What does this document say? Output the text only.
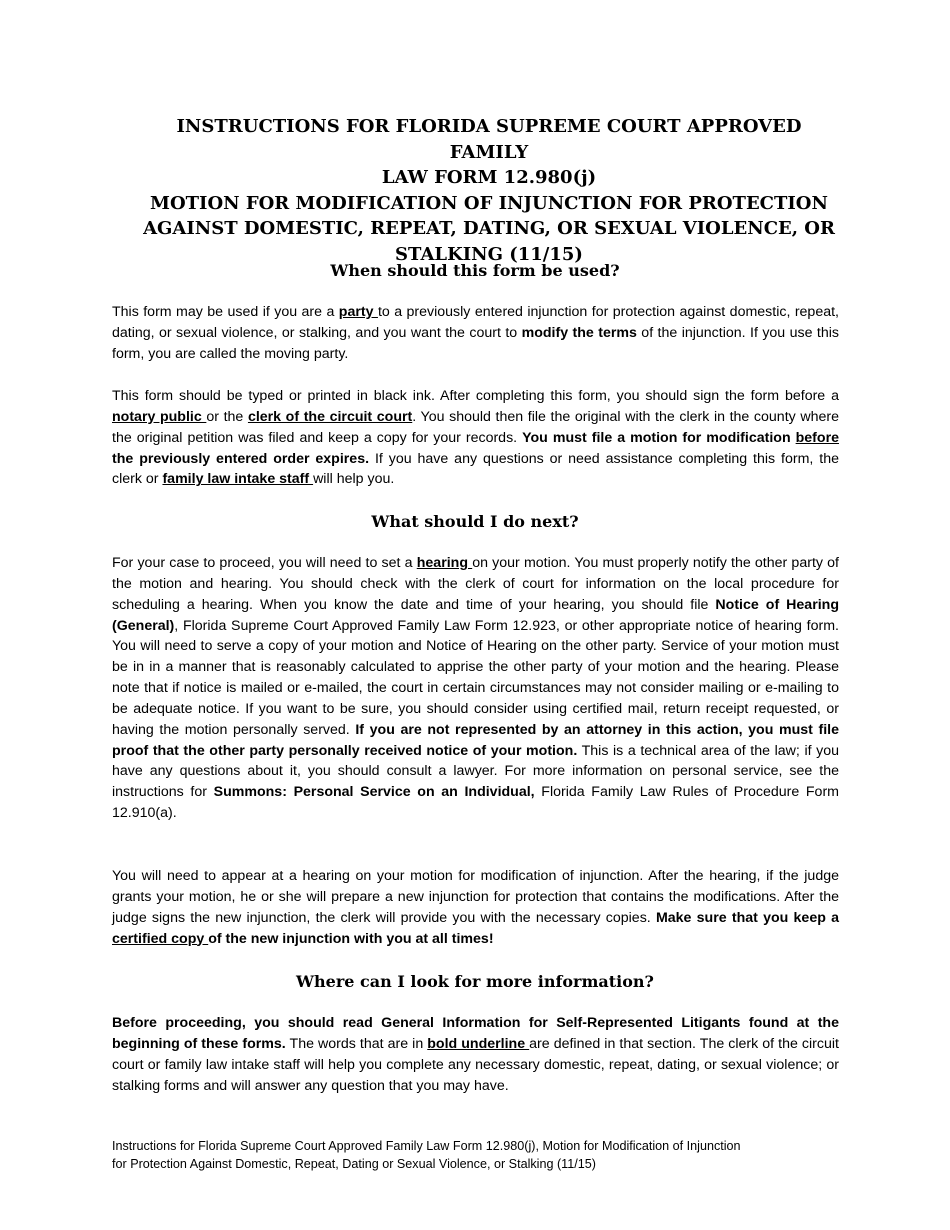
INSTRUCTIONS FOR FLORIDA SUPREME COURT APPROVED FAMILY
LAW FORM 12.980(j)
MOTION FOR MODIFICATION OF INJUNCTION FOR PROTECTION
AGAINST DOMESTIC, REPEAT, DATING, OR SEXUAL VIOLENCE, OR
STALKING (11/15)
When should this form be used?

This form may be used if you are a party to a previously entered injunction for protection against domestic, repeat, dating, or sexual violence, or stalking, and you want the court to modify the terms of the injunction. If you use this form, you are called the moving party.

This form should be typed or printed in black ink. After completing this form, you should sign the form before a notary public or the clerk of the circuit court. You should then file the original with the clerk in the county where the original petition was filed and keep a copy for your records. You must file a motion for modification before the previously entered order expires. If you have any questions or need assistance completing this form, the clerk or family law intake staff will help you.

What should I do next?

For your case to proceed, you will need to set a hearing on your motion. You must properly notify the other party of the motion and hearing. You should check with the clerk of court for information on the local procedure for scheduling a hearing. When you know the date and time of your hearing, you should file Notice of Hearing (General), Florida Supreme Court Approved Family Law Form 12.923, or other appropriate notice of hearing form. You will need to serve a copy of your motion and Notice of Hearing on the other party. Service of your motion must be in in a manner that is reasonably calculated to apprise the other party of your motion and the hearing. Please note that if notice is mailed or e-mailed, the court in certain circumstances may not consider mailing or e-mailing to be adequate notice. If you want to be sure, you should consider using certified mail, return receipt requested, or having the motion personally served. If you are not represented by an attorney in this action, you must file proof that the other party personally received notice of your motion. This is a technical area of the law; if you have any questions about it, you should consult a lawyer. For more information on personal service, see the instructions for Summons: Personal Service on an Individual, Florida Family Law Rules of Procedure Form 12.910(a).

You will need to appear at a hearing on your motion for modification of injunction. After the hearing, if the judge grants your motion, he or she will prepare a new injunction for protection that contains the modifications. After the judge signs the new injunction, the clerk will provide you with the necessary copies. Make sure that you keep a certified copy of the new injunction with you at all times!

Where can I look for more information?

Before proceeding, you should read General Information for Self-Represented Litigants found at the beginning of these forms. The words that are in bold underline are defined in that section. The clerk of the circuit court or family law intake staff will help you complete any necessary domestic, repeat, dating, or sexual violence; or stalking forms and will answer any question that you may have.

Instructions for Florida Supreme Court Approved Family Law Form 12.980(j), Motion for Modification of Injunction
for Protection Against Domestic, Repeat, Dating or Sexual Violence, or Stalking (11/15)
